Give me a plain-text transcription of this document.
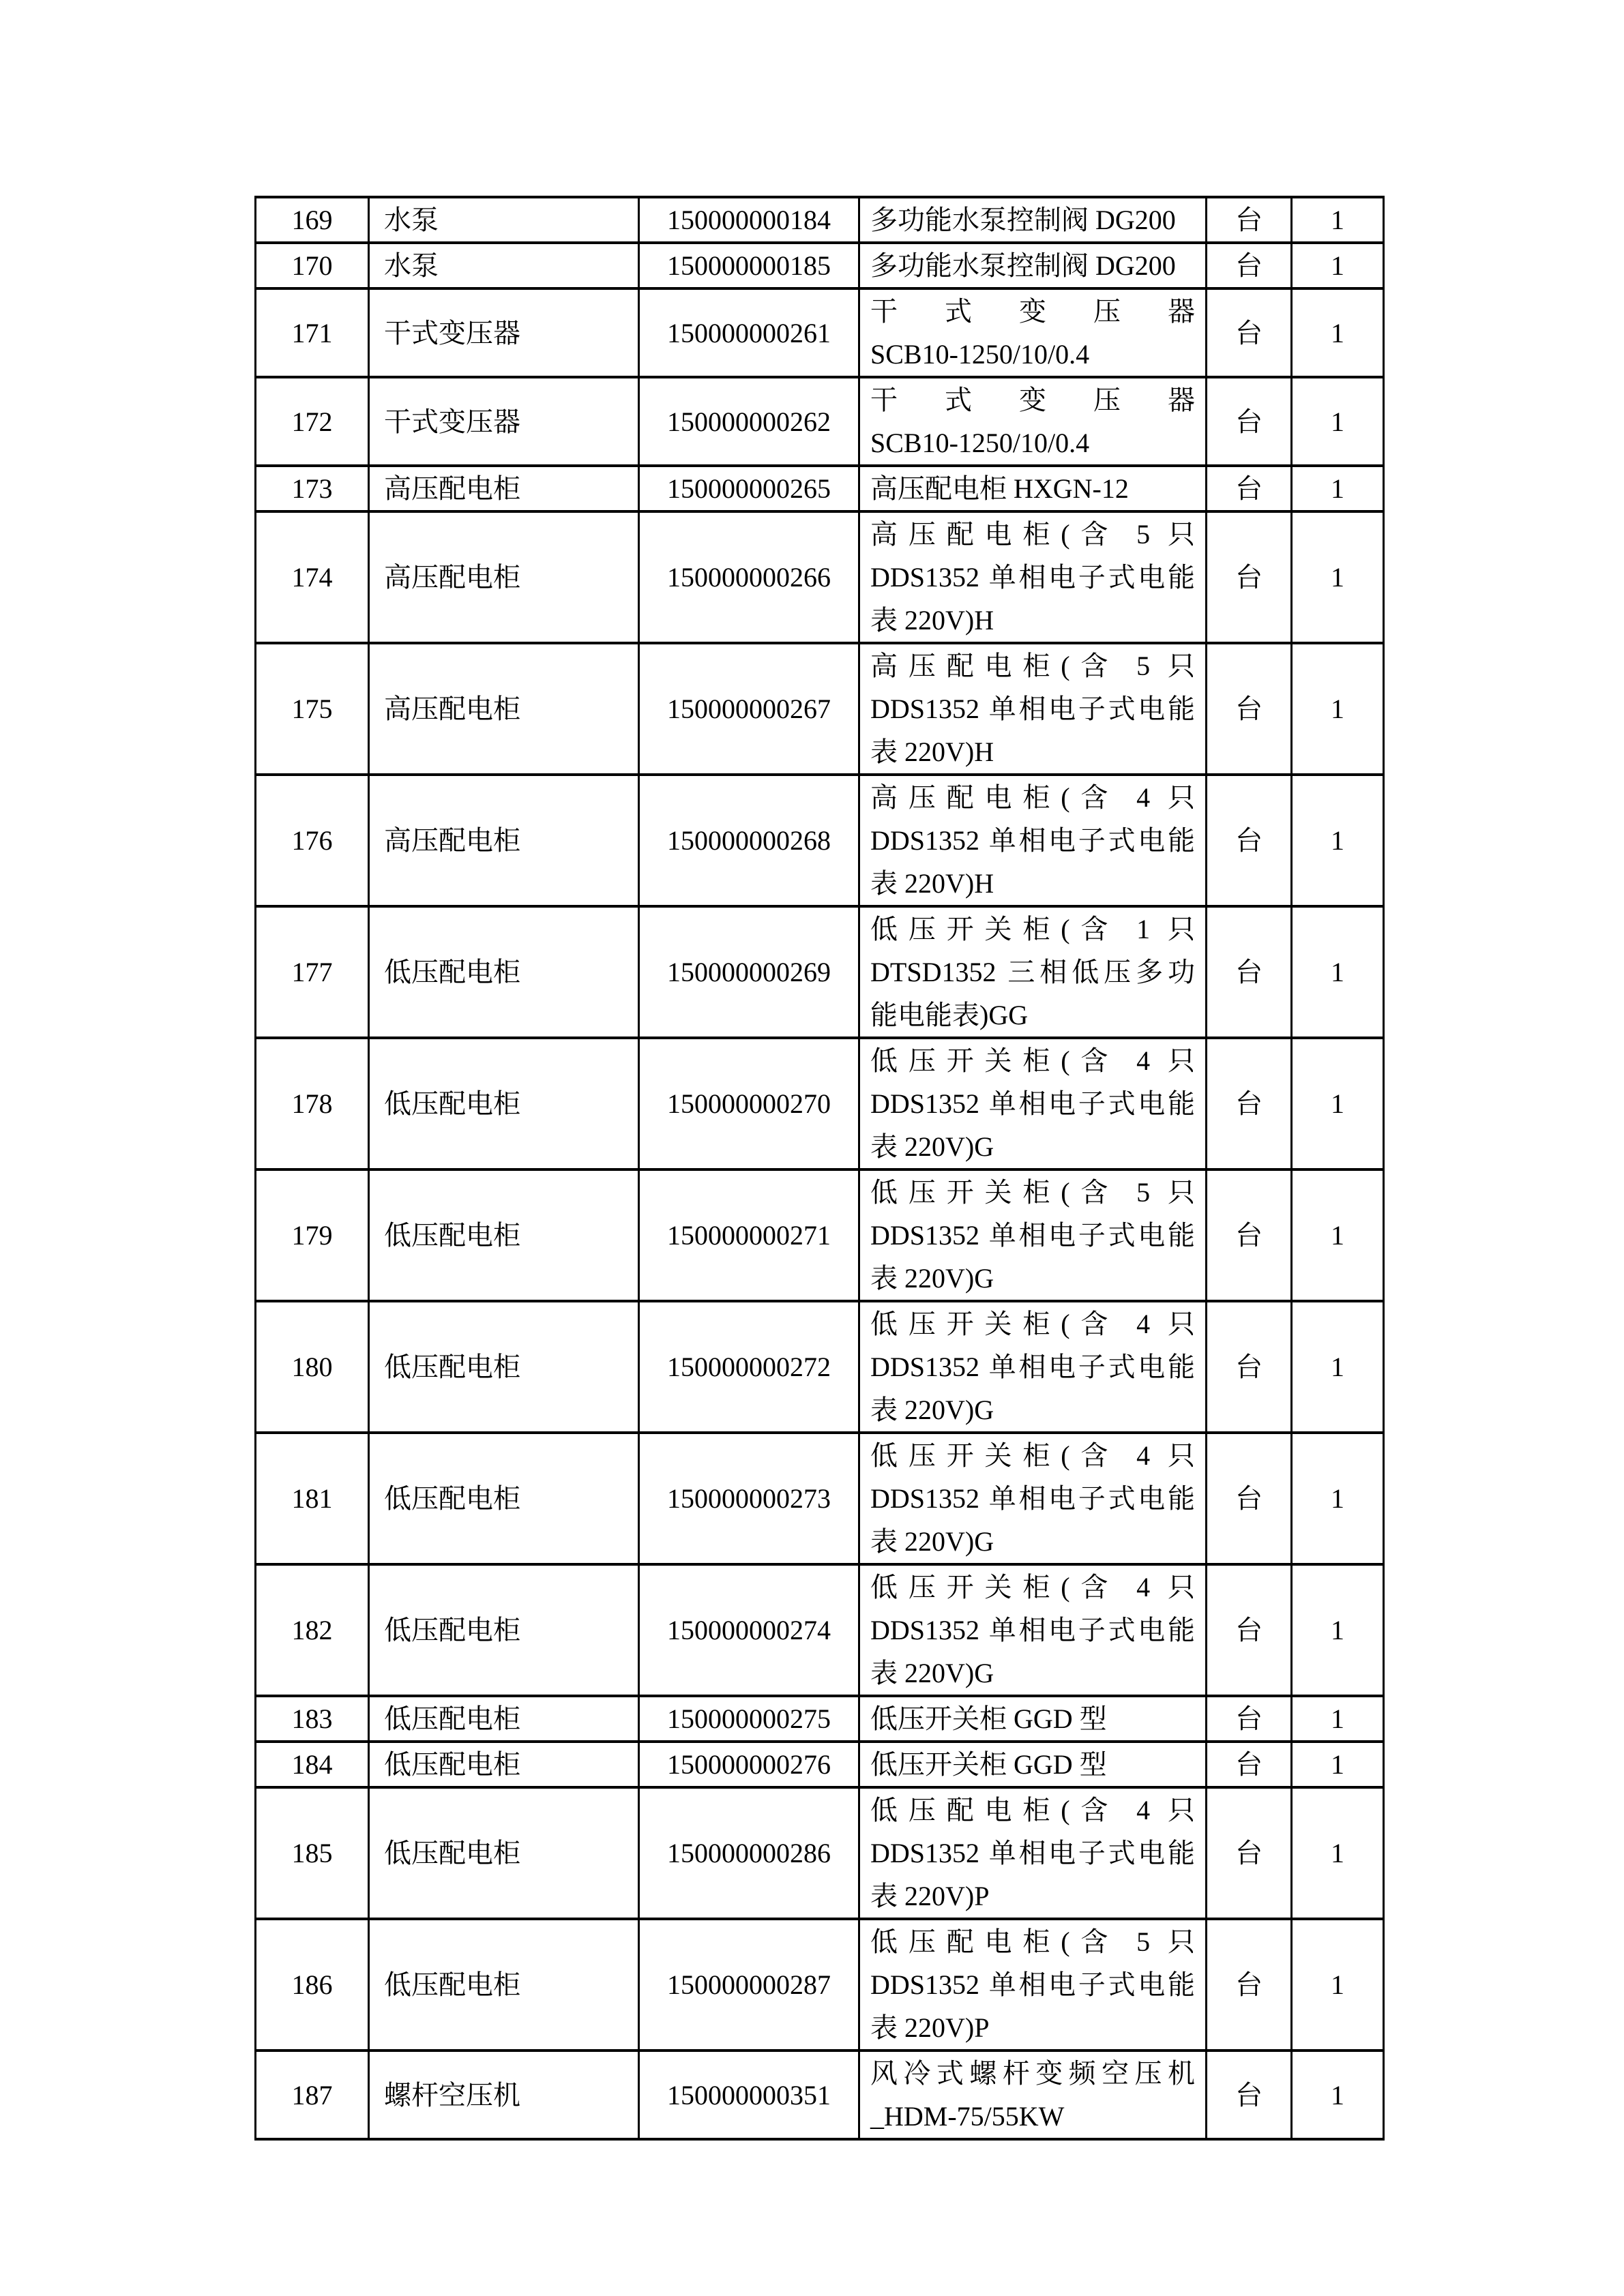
169	水泵	150000000184	多功能水泵控制阀 DG200	台	1
170	水泵	150000000185	多功能水泵控制阀 DG200	台	1
171	干式变压器	150000000261	干式变压器
SCB10-1250/10/0.4	台	1
172	干式变压器	150000000262	干式变压器
SCB10-1250/10/0.4	台	1
173	高压配电柜	150000000265	高压配电柜 HXGN-12	台	1
174	高压配电柜	150000000266	高压配电柜(含 5 只
DDS1352 单相电子式电能
表 220V)H	台	1
175	高压配电柜	150000000267	高压配电柜(含 5 只
DDS1352 单相电子式电能
表 220V)H	台	1
176	高压配电柜	150000000268	高压配电柜(含 4 只
DDS1352 单相电子式电能
表 220V)H	台	1
177	低压配电柜	150000000269	低压开关柜(含 1 只
DTSD1352 三相低压多功
能电能表)GG	台	1
178	低压配电柜	150000000270	低压开关柜(含 4 只
DDS1352 单相电子式电能
表 220V)G	台	1
179	低压配电柜	150000000271	低压开关柜(含 5 只
DDS1352 单相电子式电能
表 220V)G	台	1
180	低压配电柜	150000000272	低压开关柜(含 4 只
DDS1352 单相电子式电能
表 220V)G	台	1
181	低压配电柜	150000000273	低压开关柜(含 4 只
DDS1352 单相电子式电能
表 220V)G	台	1
182	低压配电柜	150000000274	低压开关柜(含 4 只
DDS1352 单相电子式电能
表 220V)G	台	1
183	低压配电柜	150000000275	低压开关柜 GGD 型	台	1
184	低压配电柜	150000000276	低压开关柜 GGD 型	台	1
185	低压配电柜	150000000286	低压配电柜(含 4 只
DDS1352 单相电子式电能
表 220V)P	台	1
186	低压配电柜	150000000287	低压配电柜(含 5 只
DDS1352 单相电子式电能
表 220V)P	台	1
187	螺杆空压机	150000000351	风冷式螺杆变频空压机
_HDM-75/55KW	台	1
